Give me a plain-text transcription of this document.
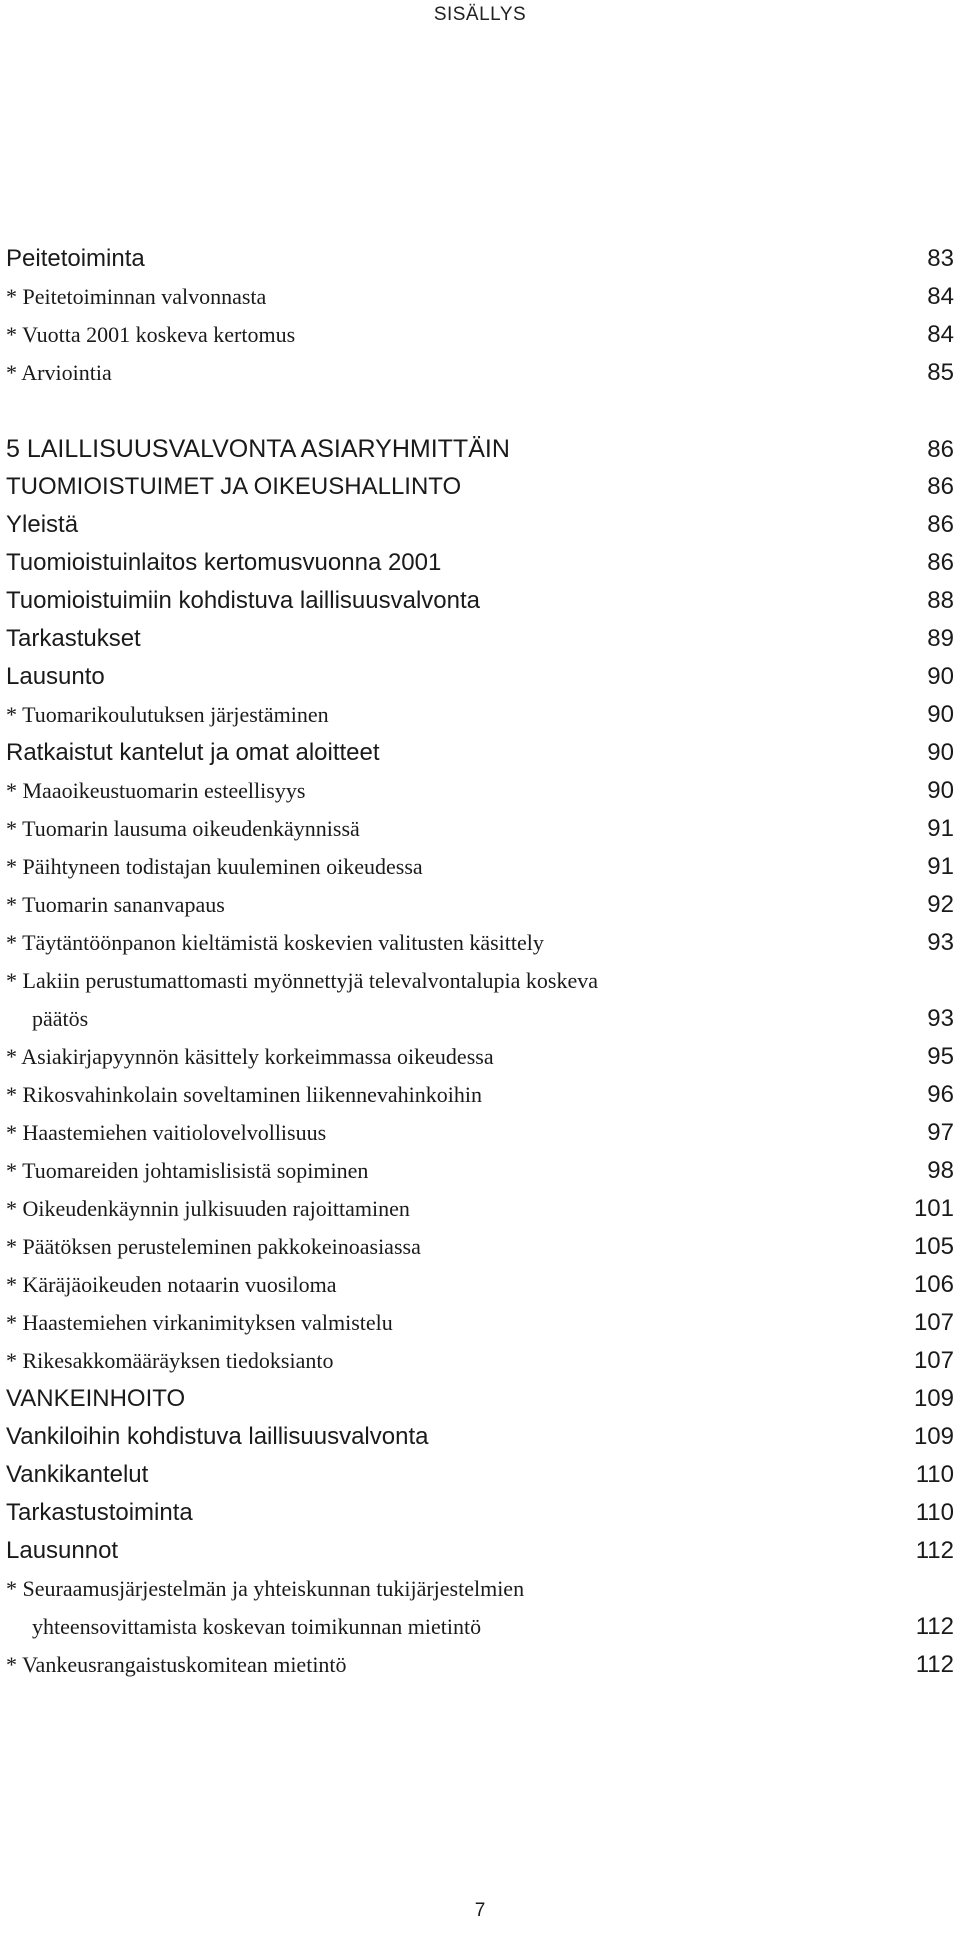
SISÄLLYS
Peitetoiminta	83
* Peitetoiminnan valvonnasta	84
* Vuotta 2001 koskeva kertomus	84
* Arviointia	85
5 LAILLISUUSVALVONTA ASIARYHMITTÄIN	86
TUOMIOISTUIMET JA OIKEUSHALLINTO	86
Yleistä	86
Tuomioistuinlaitos kertomusvuonna 2001	86
Tuomioistuimiin kohdistuva laillisuusvalvonta	88
Tarkastukset	89
Lausunto	90
* Tuomarikoulutuksen järjestäminen	90
Ratkaistut kantelut ja omat aloitteet	90
* Maaoikeustuomarin esteellisyys	90
* Tuomarin lausuma oikeudenkäynnissä	91
* Päihtyneen todistajan kuuleminen oikeudessa	91
* Tuomarin sananvapaus	92
* Täytäntöönpanon kieltämistä koskevien valitusten käsittely	93
* Lakiin perustumattomasti myönnettyjä televalvontalupia koskeva
päätös	93
* Asiakirjapyynnön käsittely korkeimmassa oikeudessa	95
* Rikosvahinkolain soveltaminen liikennevahinkoihin	96
* Haastemiehen vaitiolovelvollisuus	97
* Tuomareiden johtamislisistä sopiminen	98
* Oikeudenkäynnin julkisuuden rajoittaminen	101
* Päätöksen perusteleminen pakkokeinoasiassa	105
* Käräjäoikeuden notaarin vuosiloma	106
* Haastemiehen virkanimityksen valmistelu	107
* Rikesakkomääräyksen tiedoksianto	107
VANKEINHOITO	109
Vankiloihin kohdistuva laillisuusvalvonta	109
Vankikantelut	110
Tarkastustoiminta	110
Lausunnot	112
* Seuraamusjärjestelmän ja yhteiskunnan tukijärjestelmien
yhteensovittamista koskevan toimikunnan mietintö	112
* Vankeusrangaistuskomitean mietintö	112
7
